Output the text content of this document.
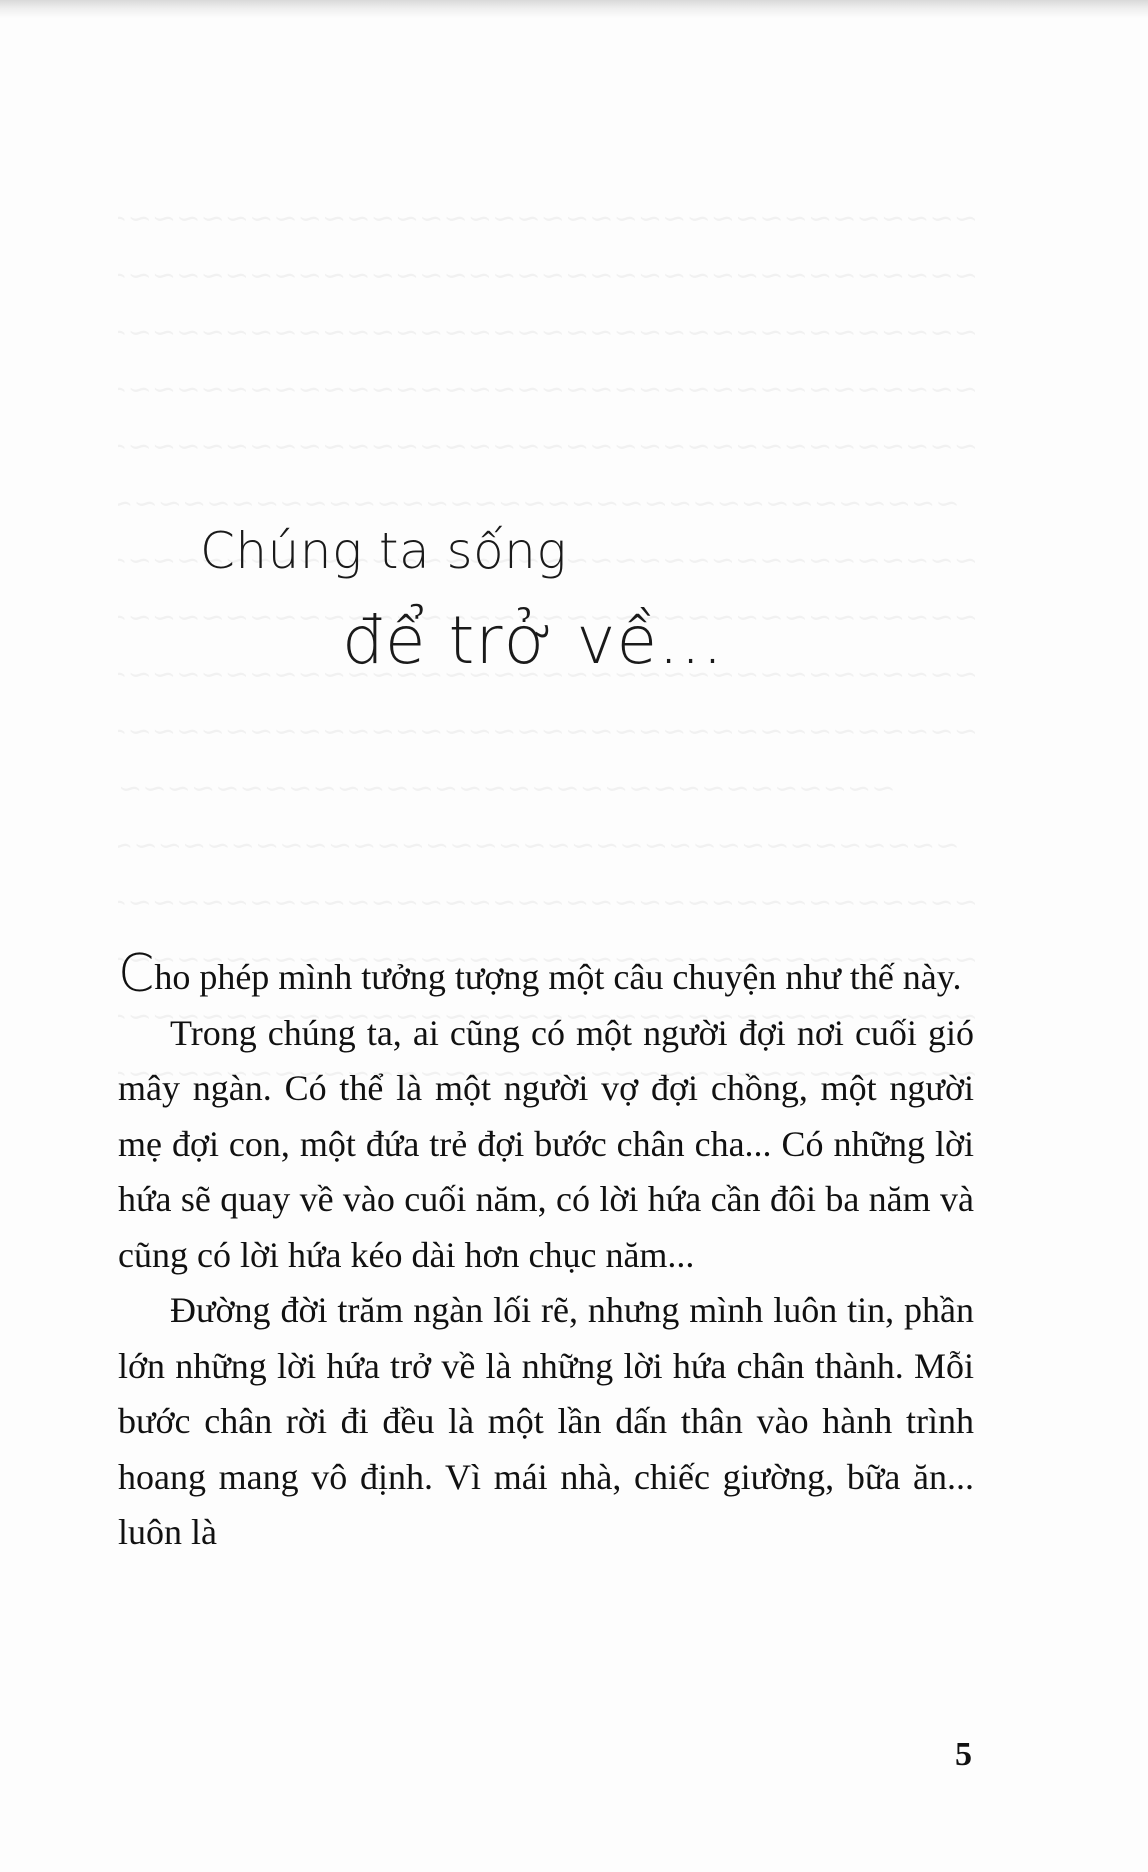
Chúng ta sống
để trở về...

Cho phép mình tưởng tượng một câu chuyện như thế này.

Trong chúng ta, ai cũng có một người đợi nơi cuối gió mây ngàn. Có thể là một người vợ đợi chồng, một người mẹ đợi con, một đứa trẻ đợi bước chân cha... Có những lời hứa sẽ quay về vào cuối năm, có lời hứa cần đôi ba năm và cũng có lời hứa kéo dài hơn chục năm...

Đường đời trăm ngàn lối rẽ, nhưng mình luôn tin, phần lớn những lời hứa trở về là những lời hứa chân thành. Mỗi bước chân rời đi đều là một lần dấn thân vào hành trình hoang mang vô định. Vì mái nhà, chiếc giường, bữa ăn... luôn là

5
